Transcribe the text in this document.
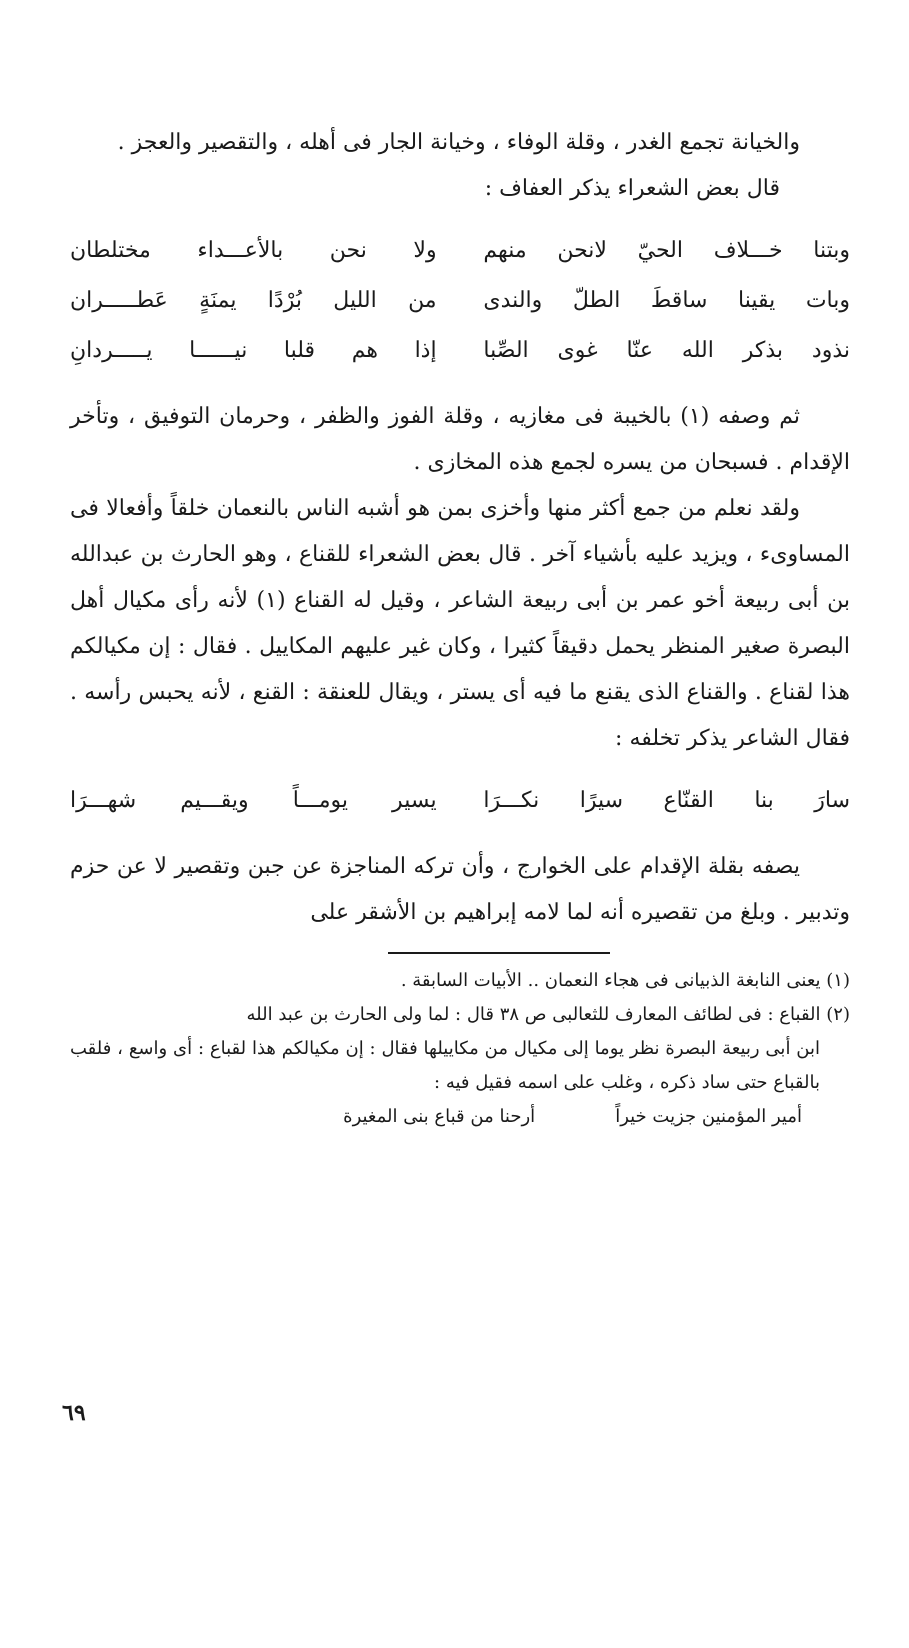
والخيانة تجمع الغدر ، وقلة الوفاء ، وخيانة الجار فى أهله ، والتقصير والعجز .

قال بعض الشعراء يذكر العفاف :

وبتنا خـــلاف الحيّ لانحن منهم
ولا نحن بالأعـــداء مختلطان
وبات يقينا ساقطَ الطلّ والندى
من الليل بُرْدًا يمنَةٍ عَطـــــران
نذود بذكر الله عنّا غوى الصِّبا
إذا هم قلبا نيــــــا يـــــردانِ

ثم وصفه (١) بالخيبة فى مغازيه ، وقلة الفوز والظفر ، وحرمان التوفيق ، وتأخر الإقدام . فسبحان من يسره لجمع هذه المخازى .

ولقد نعلم من جمع أكثر منها وأخزى بمن هو أشبه الناس بالنعمان خلقاً وأفعالا فى المساوىء ، ويزيد عليه بأشياء آخر . قال بعض الشعراء للقناع ، وهو الحارث بن عبدالله بن أبى ربيعة أخو عمر بن أبى ربيعة الشاعر ، وقيل له القناع (١) لأنه رأى مكيال أهل البصرة صغير المنظر يحمل دقيقاً كثيرا ، وكان غير عليهم المكاييل . فقال : إن مكيالكم هذا لقناع . والقناع الذى يقنع ما فيه أى يستر ، ويقال للعنقة : القنع ، لأنه يحبس رأسه . فقال الشاعر يذكر تخلفه :

سارَ بنا القنّاع سيرًا نكـــرَا
يسير يومـــاً ويقـــيم شهـــرَا

يصفه بقلة الإقدام على الخوارج ، وأن تركه المناجزة عن جبن وتقصير لا عن حزم وتدبير . وبلغ من تقصيره أنه لما لامه إبراهيم بن الأشقر على

(١) يعنى النابغة الذبيانى فى هجاء النعمان .. الأبيات السابقة .

(٢) القباع : فى لطائف المعارف للثعالبى ص ٣٨ قال : لما ولى الحارث بن عبد الله
ابن أبى ربيعة البصرة نظر يوما إلى مكيال من مكاييلها فقال : إن مكيالكم هذا لقباع : أى واسع ، فلقب بالقباع حتى ساد ذكره ، وغلب على اسمه فقيل فيه :

أمير المؤمنين جزيت خيراً
أرحنا من قباع بنى المغيرة
٦٩
